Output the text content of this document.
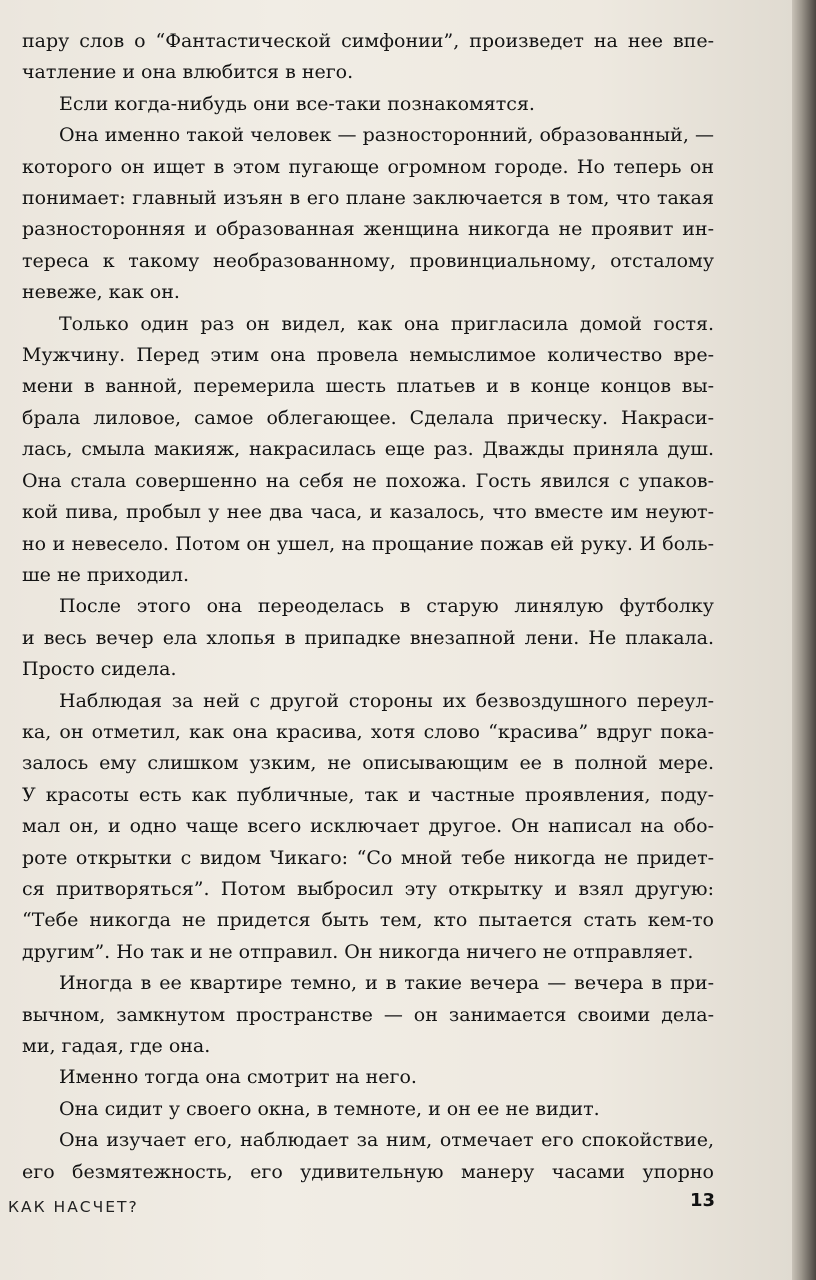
пару слов о “Фантастической симфонии”, произведет на нее впе-
чатление и она влюбится в него.

Если когда-нибудь они все-таки познакомятся.

Она именно такой человек — разносторонний, образованный, —
которого он ищет в этом пугающе огромном городе. Но теперь он
понимает: главный изъян в его плане заключается в том, что такая
разносторонняя и образованная женщина никогда не проявит ин-
тереса к такому необразованному, провинциальному, отсталому
невеже, как он.

Только один раз он видел, как она пригласила домой гостя.
Мужчину. Перед этим она провела немыслимое количество вре-
мени в ванной, перемерила шесть платьев и в конце концов вы-
брала лиловое, самое облегающее. Сделала прическу. Накраси-
лась, смыла макияж, накрасилась еще раз. Дважды приняла душ.
Она стала совершенно на себя не похожа. Гость явился с упаков-
кой пива, пробыл у нее два часа, и казалось, что вместе им неуют-
но и невесело. Потом он ушел, на прощание пожав ей руку. И боль-
ше не приходил.

После этого она переоделась в старую линялую футболку
и весь вечер ела хлопья в припадке внезапной лени. Не плакала.
Просто сидела.

Наблюдая за ней с другой стороны их безвоздушного переул-
ка, он отметил, как она красива, хотя слово “красива” вдруг пока-
залось ему слишком узким, не описывающим ее в полной мере.
У красоты есть как публичные, так и частные проявления, поду-
мал он, и одно чаще всего исключает другое. Он написал на обо-
роте открытки с видом Чикаго: “Со мной тебе никогда не придет-
ся притворяться”. Потом выбросил эту открытку и взял другую:
“Тебе никогда не придется быть тем, кто пытается стать кем-то
другим”. Но так и не отправил. Он никогда ничего не отправляет.

Иногда в ее квартире темно, и в такие вечера — вечера в при-
вычном, замкнутом пространстве — он занимается своими дела-
ми, гадая, где она.

Именно тогда она смотрит на него.

Она сидит у своего окна, в темноте, и он ее не видит.

Она изучает его, наблюдает за ним, отмечает его спокойствие,
его безмятежность, его удивительную манеру часами упорно

КАК НАСЧЕТ?	13
